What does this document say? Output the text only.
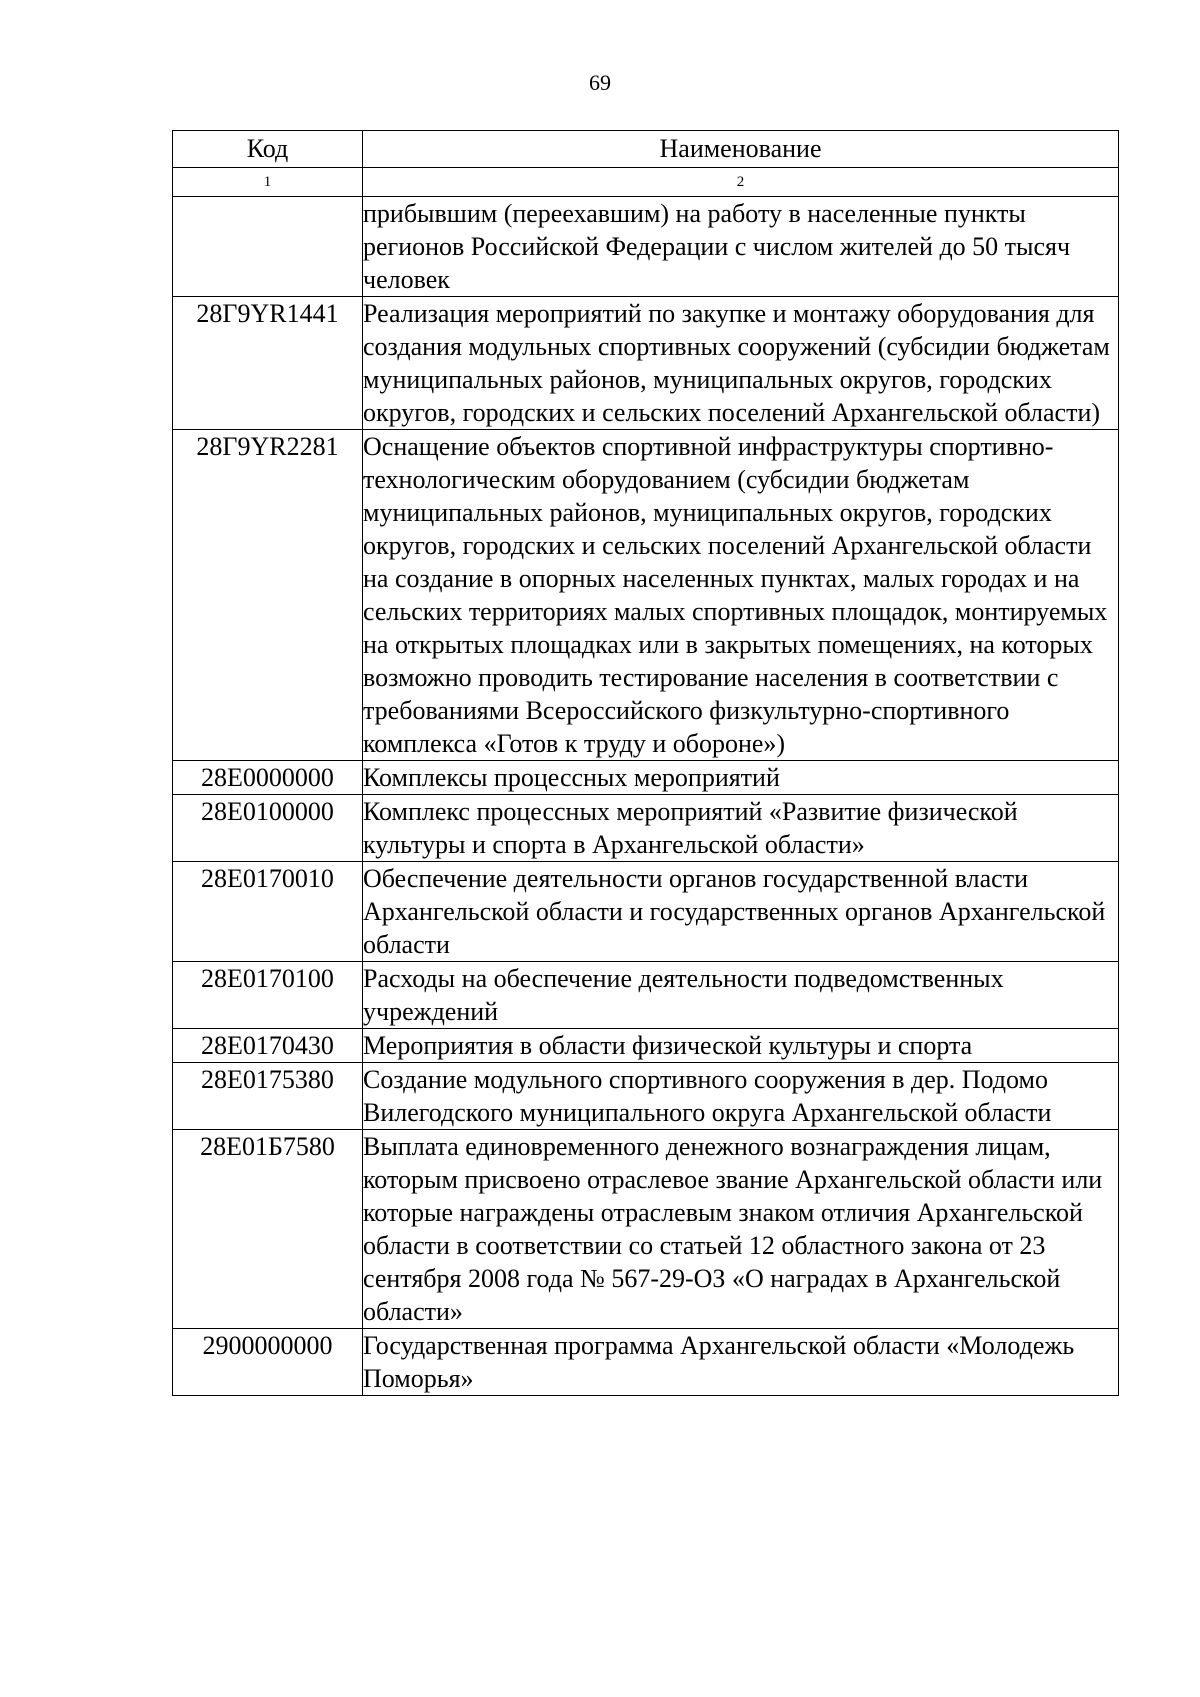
69
Код	Наименование
1	2
	прибывшим (переехавшим) на работу в населенные пункты регионов Российской Федерации с числом жителей до 50 тысяч человек
28Г9YR1441	Реализация мероприятий по закупке и монтажу оборудования для создания модульных спортивных сооружений (субсидии бюджетам муниципальных районов, муниципальных округов, городских округов, городских и сельских поселений Архангельской области)
28Г9YR2281	Оснащение объектов спортивной инфраструктуры спортивно-технологическим оборудованием (субсидии бюджетам муниципальных районов, муниципальных округов, городских округов, городских и сельских поселений Архангельской области на создание в опорных населенных пунктах, малых городах и на сельских территориях малых спортивных площадок, монтируемых на открытых площадках или в закрытых помещениях, на которых возможно проводить тестирование населения в соответствии с требованиями Всероссийского физкультурно-спортивного комплекса «Готов к труду и обороне»)
28Е0000000	Комплексы процессных мероприятий
28Е0100000	Комплекс процессных мероприятий «Развитие физической культуры и спорта в Архангельской области»
28Е0170010	Обеспечение деятельности органов государственной власти Архангельской области и государственных органов Архангельской области
28Е0170100	Расходы на обеспечение деятельности подведомственных учреждений
28Е0170430	Мероприятия в области физической культуры и спорта
28Е0175380	Создание модульного спортивного сооружения в дер. Подомо Вилегодского муниципального округа Архангельской области
28Е01Б7580	Выплата единовременного денежного вознаграждения лицам, которым присвоено отраслевое звание Архангельской области или которые награждены отраслевым знаком отличия Архангельской области в соответствии со статьей 12 областного закона от 23 сентября 2008 года № 567-29-ОЗ «О наградах в Архангельской области»
2900000000	Государственная программа Архангельской области «Молодежь Поморья»
